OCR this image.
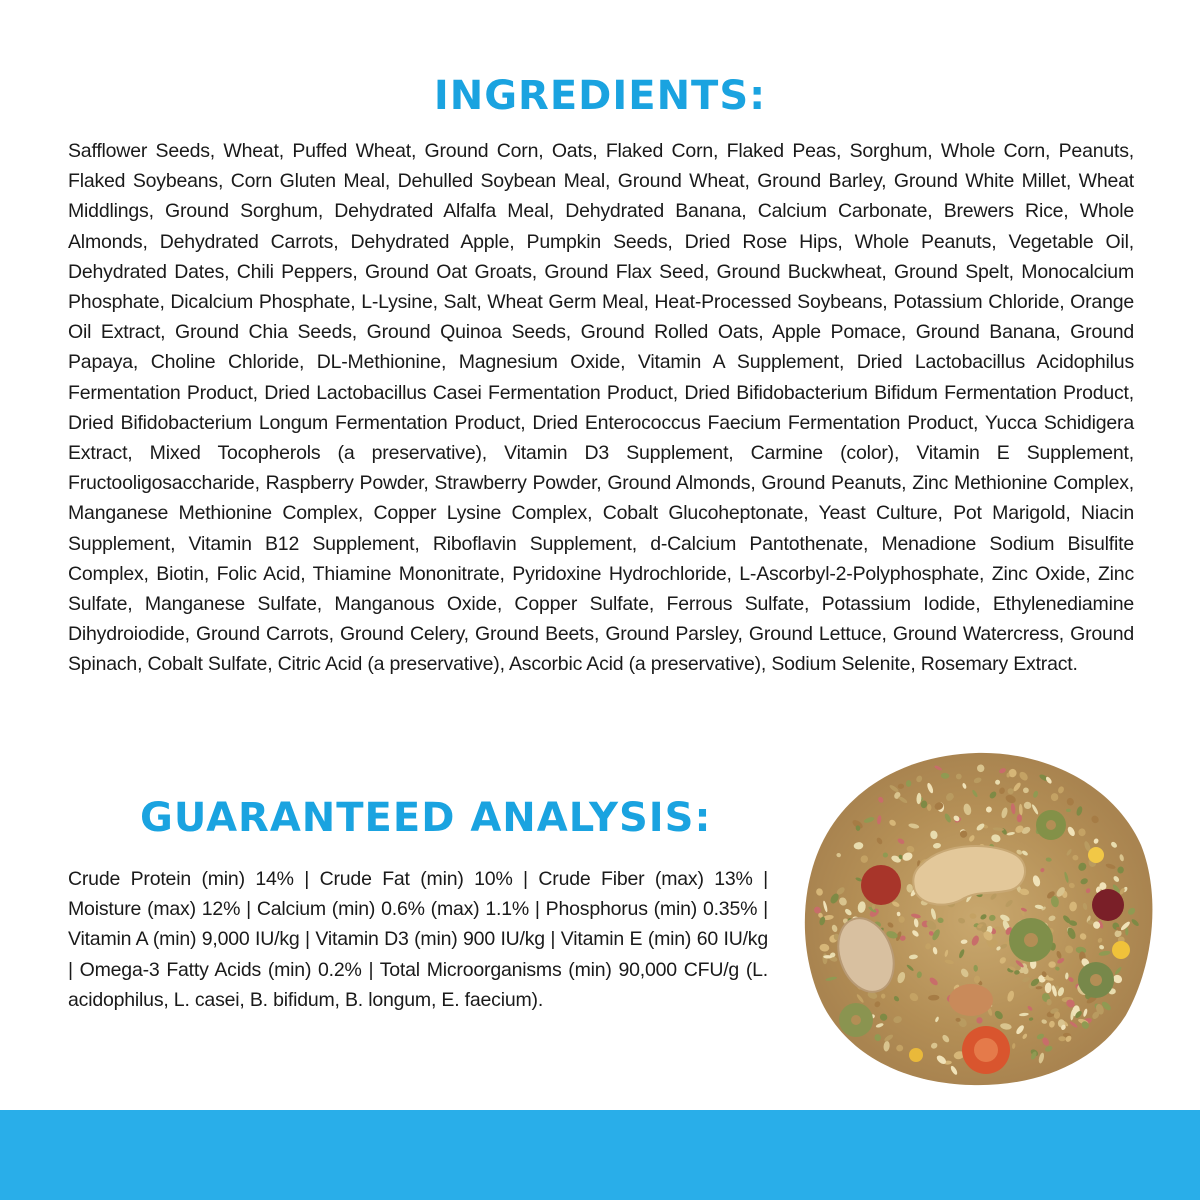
INGREDIENTS:

Safflower Seeds, Wheat, Puffed Wheat, Ground Corn, Oats, Flaked Corn, Flaked Peas, Sorghum, Whole Corn, Peanuts, Flaked Soybeans, Corn Gluten Meal, Dehulled Soybean Meal, Ground Wheat, Ground Barley, Ground White Millet, Wheat Middlings, Ground Sorghum, Dehydrated Alfalfa Meal, Dehydrated Banana, Calcium Carbonate, Brewers Rice, Whole Almonds, Dehydrated Carrots, Dehydrated Apple, Pumpkin Seeds, Dried Rose Hips, Whole Peanuts, Vegetable Oil, Dehydrated Dates, Chili Peppers, Ground Oat Groats, Ground Flax Seed, Ground Buckwheat, Ground Spelt, Monocalcium Phosphate, Dicalcium Phosphate, L-Lysine, Salt, Wheat Germ Meal, Heat-Processed Soybeans, Potassium Chloride, Orange Oil Extract, Ground Chia Seeds, Ground Quinoa Seeds, Ground Rolled Oats, Apple Pomace, Ground Banana, Ground Papaya, Choline Chloride, DL-Methionine, Magnesium Oxide, Vitamin A Supplement, Dried Lactobacillus Acidophilus Fermentation Product, Dried Lactobacillus Casei Fermentation Product, Dried Bifidobacterium Bifidum Fermentation Product, Dried Bifidobacterium Longum Fermentation Product, Dried Enterococcus Faecium Fermentation Product, Yucca Schidigera Extract, Mixed Tocopherols (a preservative), Vitamin D3 Supplement, Carmine (color), Vitamin E Supplement, Fructooligosaccharide, Raspberry Powder, Strawberry Powder, Ground Almonds, Ground Peanuts, Zinc Methionine Complex, Manganese Methionine Complex, Copper Lysine Complex, Cobalt Glucoheptonate, Yeast Culture, Pot Marigold, Niacin Supplement, Vitamin B12 Supplement, Riboflavin Supplement, d-Calcium Pantothenate, Menadione Sodium Bisulfite Complex, Biotin, Folic Acid, Thiamine Mononitrate, Pyridoxine Hydrochloride, L-Ascorbyl-2-Polyphosphate, Zinc Oxide, Zinc Sulfate, Manganese Sulfate, Manganous Oxide, Copper Sulfate, Ferrous Sulfate, Potassium Iodide, Ethylenediamine Dihydroiodide, Ground Carrots, Ground Celery, Ground Beets, Ground Parsley, Ground Lettuce, Ground Watercress, Ground Spinach, Cobalt Sulfate, Citric Acid (a preservative), Ascorbic Acid (a preservative), Sodium Selenite, Rosemary Extract.

GUARANTEED ANALYSIS:

Crude Protein (min) 14% | Crude Fat (min) 10% | Crude Fiber (max) 13% | Moisture (max) 12% | Calcium (min) 0.6% (max) 1.1% | Phosphorus (min) 0.35% | Vitamin A (min) 9,000 IU/kg | Vitamin D3 (min) 900 IU/kg | Vitamin E (min) 60 IU/kg | Omega-3 Fatty Acids (min) 0.2% | Total Microorganisms (min) 90,000 CFU/g (L. acidophilus, L. casei, B. bifidum, B. longum, E. faecium).
